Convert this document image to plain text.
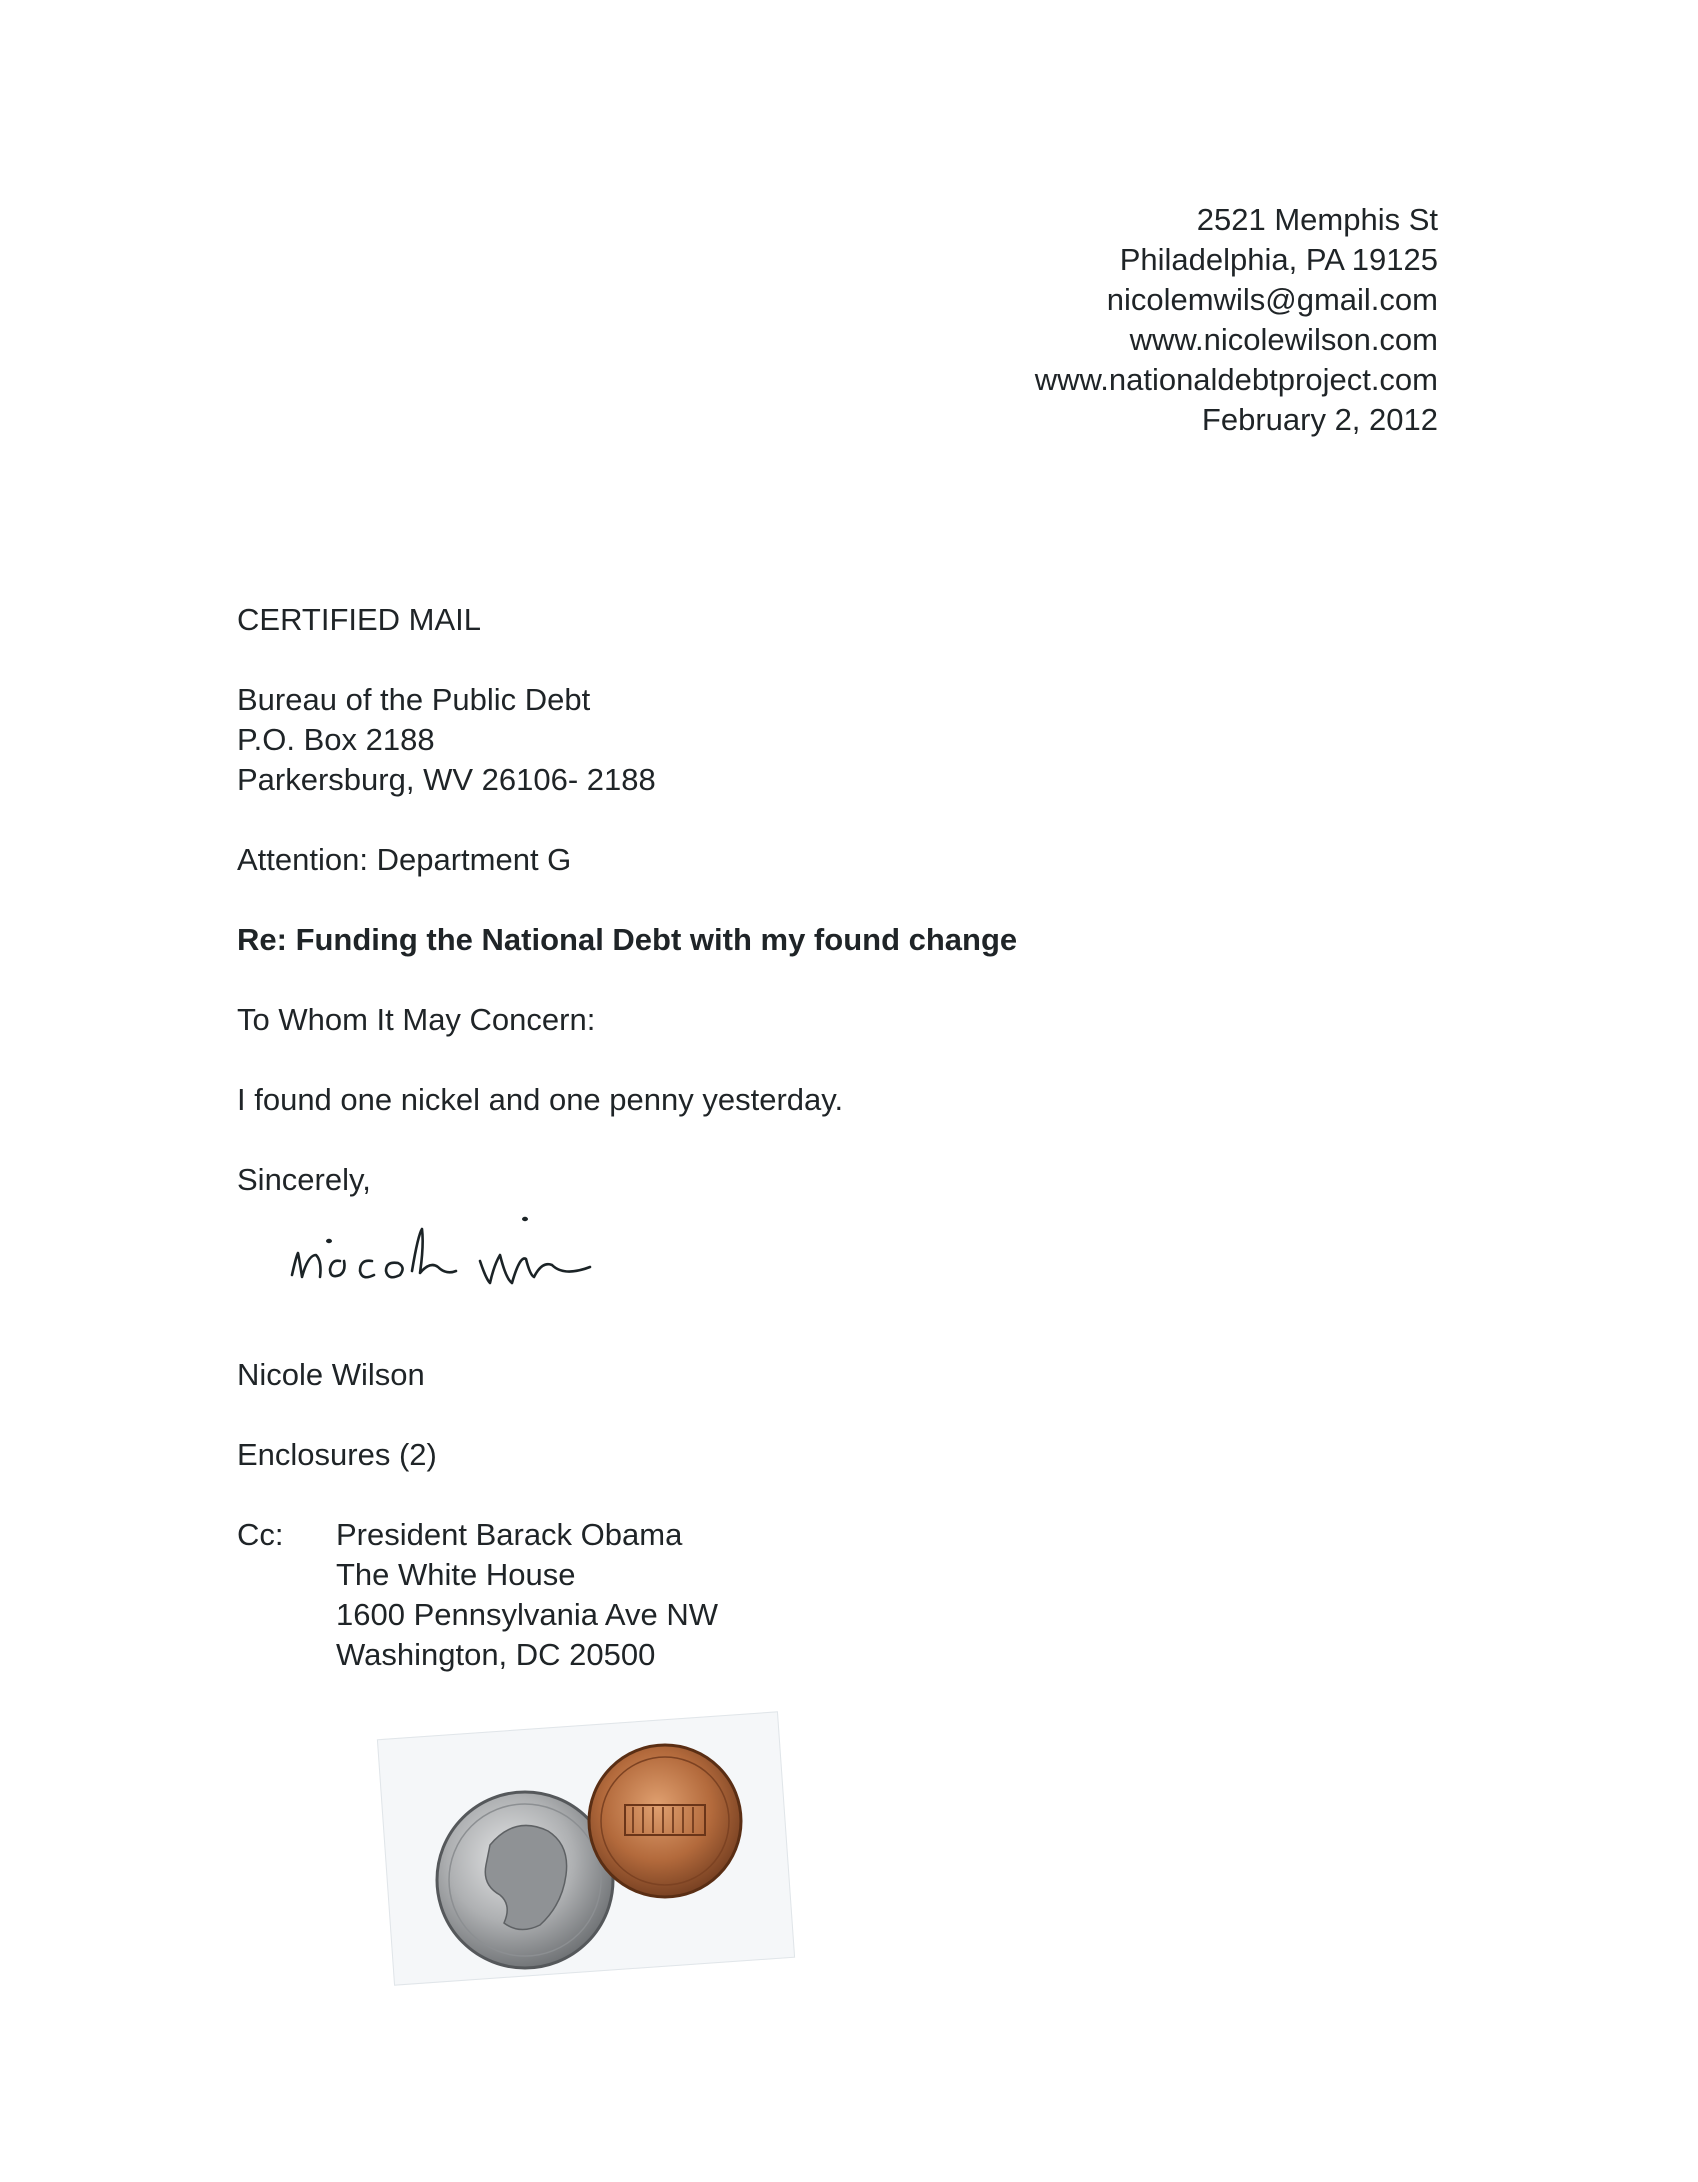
2521 Memphis St
Philadelphia, PA 19125
nicolemwils@gmail.com
www.nicolewilson.com
www.nationaldebtproject.com
February 2, 2012
CERTIFIED MAIL
Bureau of the Public Debt
P.O. Box 2188
Parkersburg, WV 26106- 2188
Attention: Department G
Re: Funding the National Debt with my found change
To Whom It May Concern:
I found one nickel and one penny yesterday.
Sincerely,
Nicole Wilson
Enclosures (2)
Cc:	President Barack Obama
The White House
1600 Pennsylvania Ave NW
Washington, DC 20500
